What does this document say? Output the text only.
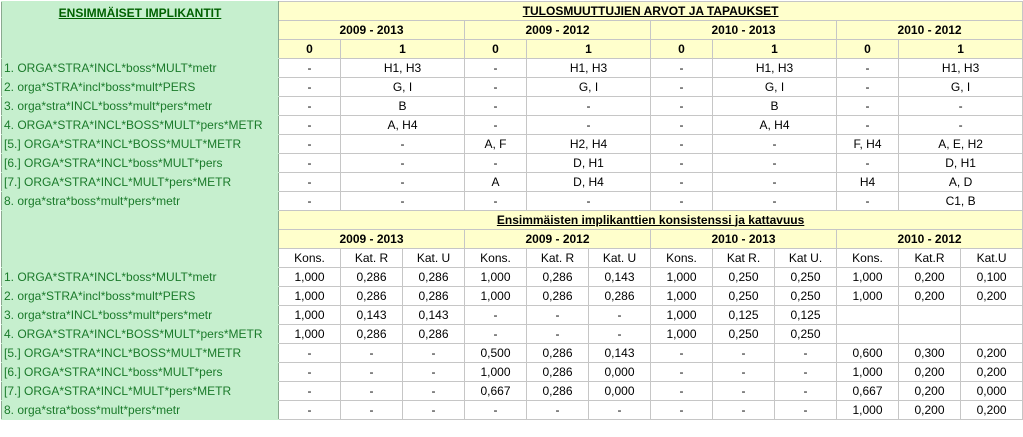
ENSIMMÄISET IMPLIKANTIT	TULOSMUUTTUJIEN ARVOT JA TAPAUKSET											
	2009 - 2013			2009 - 2012			2010 - 2013			2010 - 2012		
	0	1		0	1		0	1		0	1	
1. ORGA*STRA*INCL*boss*MULT*metr	-	H1, H3		-	H1, H3		-	H1, H3		-	H1, H3	
2. orga*STRA*incl*boss*mult*PERS	-	G, I		-	G, I		-	G, I		-	G, I	
3. orga*stra*INCL*boss*mult*pers*metr	-	B		-	-		-	B		-	-	
4. ORGA*STRA*INCL*BOSS*MULT*pers*METR	-	A, H4		-	-		-	A, H4		-	-	
[5.] ORGA*STRA*INCL*BOSS*MULT*METR	-	-		A, F	H2, H4		-	-		F, H4	A, E, H2	
[6.] ORGA*STRA*INCL*boss*MULT*pers	-	-		-	D, H1		-	-		-	D, H1	
[7.] ORGA*STRA*INCL*MULT*pers*METR	-	-		A	D, H4		-	-		H4	A, D	
8. orga*stra*boss*mult*pers*metr	-	-		-	-		-	-		-	C1, B	
	Ensimmäisten implikanttien konsistenssi ja kattavuus											
	2009 - 2013			2009 - 2012			2010 - 2013			2010 - 2012		
	Kons.	Kat. R	Kat. U	Kons.	Kat. R	Kat. U	Kons.	Kat R.	Kat U.	Kons.	Kat.R	Kat.U
1. ORGA*STRA*INCL*boss*MULT*metr	1,000	0,286	0,286	1,000	0,286	0,143	1,000	0,250	0,250	1,000	0,200	0,100
2. orga*STRA*incl*boss*mult*PERS	1,000	0,286	0,286	1,000	0,286	0,286	1,000	0,250	0,250	1,000	0,200	0,200
3. orga*stra*INCL*boss*mult*pers*metr	1,000	0,143	0,143	-	-	-	1,000	0,125	0,125			
4. ORGA*STRA*INCL*BOSS*MULT*pers*METR	1,000	0,286	0,286	-	-	-	1,000	0,250	0,250			
[5.] ORGA*STRA*INCL*BOSS*MULT*METR	-	-	-	0,500	0,286	0,143	-	-	-	0,600	0,300	0,200
[6.] ORGA*STRA*INCL*boss*MULT*pers	-	-	-	1,000	0,286	0,000	-	-	-	1,000	0,200	0,200
[7.] ORGA*STRA*INCL*MULT*pers*METR	-	-	-	0,667	0,286	0,000	-	-	-	0,667	0,200	0,000
8. orga*stra*boss*mult*pers*metr	-	-	-	-	-	-	-	-	-	1,000	0,200	0,200
